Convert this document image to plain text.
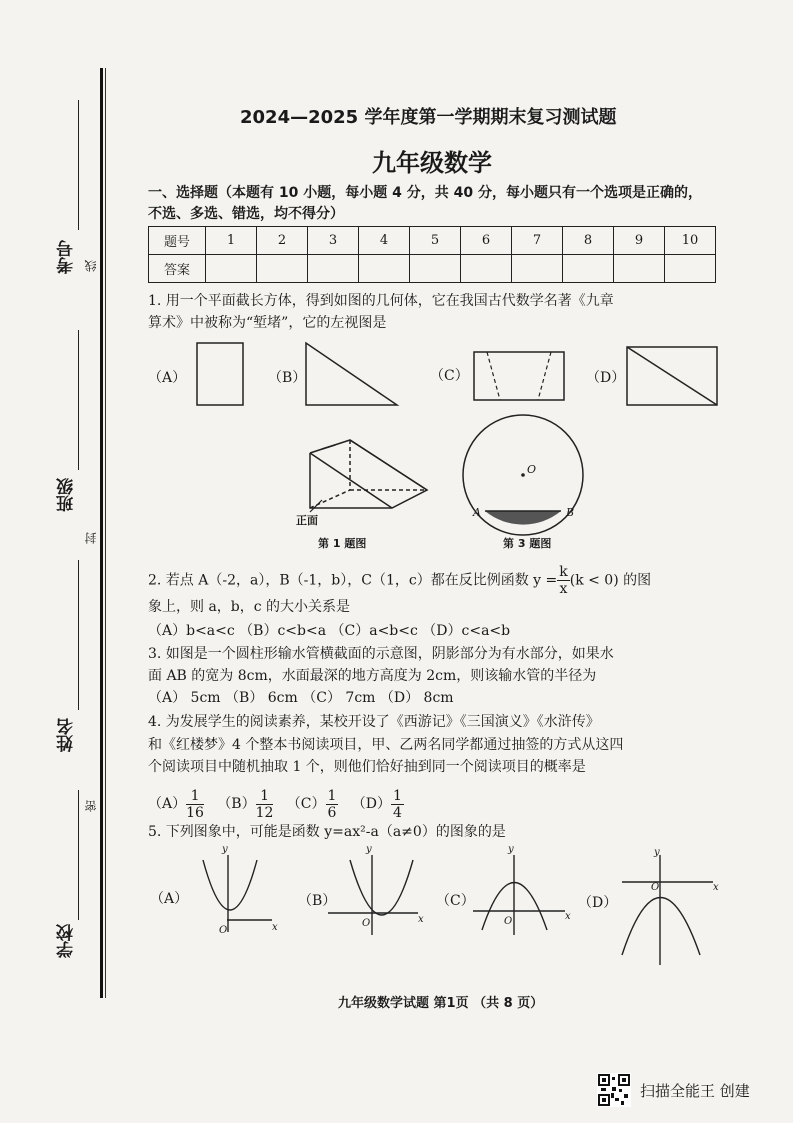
考号
班级
姓名
学校
线
封
密
2024—2025 学年度第一学期期末复习测试题
九年级数学
一、选择题（本题有 10 小题，每小题 4 分，共 40 分，每小题只有一个选项是正确的，
不选、多选、错选，均不得分）
题号	1	2	3	4	5	6	7	8	9	10
答案										
1. 用一个平面截长方体，得到如图的几何体，它在我国古代数学名著《九章
算术》中被称为“堑堵”，它的左视图是
（A）	（B）	（C）	（D）
正面
第 1 题图	第 3 题图
O
A	B
2. 若点 A（-2，a），B（-1，b），C（1，c）都在反比例函数 $y = \frac{k}{x} (k < 0)$ 的图
象上，则 a，b，c 的大小关系是
（A）b<a<c （B）c<b<a （C）a<b<c （D）c<a<b
3. 如图是一个圆柱形输水管横截面的示意图，阴影部分为有水部分，如果水
面 AB 的宽为 8cm，水面最深的地方高度为 2cm，则该输水管的半径为
（A） 5cm （B） 6cm （C） 7cm （D） 8cm
4. 为发展学生的阅读素养，某校开设了《西游记》《三国演义》《水浒传》
和《红楼梦》4 个整本书阅读项目，甲、乙两名同学都通过抽签的方式从这四
个阅读项目中随机抽取 1 个，则他们恰好抽到同一个阅读项目的概率是
$(A) \frac{1}{16} (B) \frac{1}{12} (C) \frac{1}{6} (D) \frac{1}{4}$
5. 下列图象中，可能是函数 y=ax²-a（a≠0）的图象的是
（A）	（B）	（C）	（D）
y
x
O
y
x
O
y
x
O
y
x
O
九年级数学试题 第1页 （共 8 页）
扫描全能王 创建
